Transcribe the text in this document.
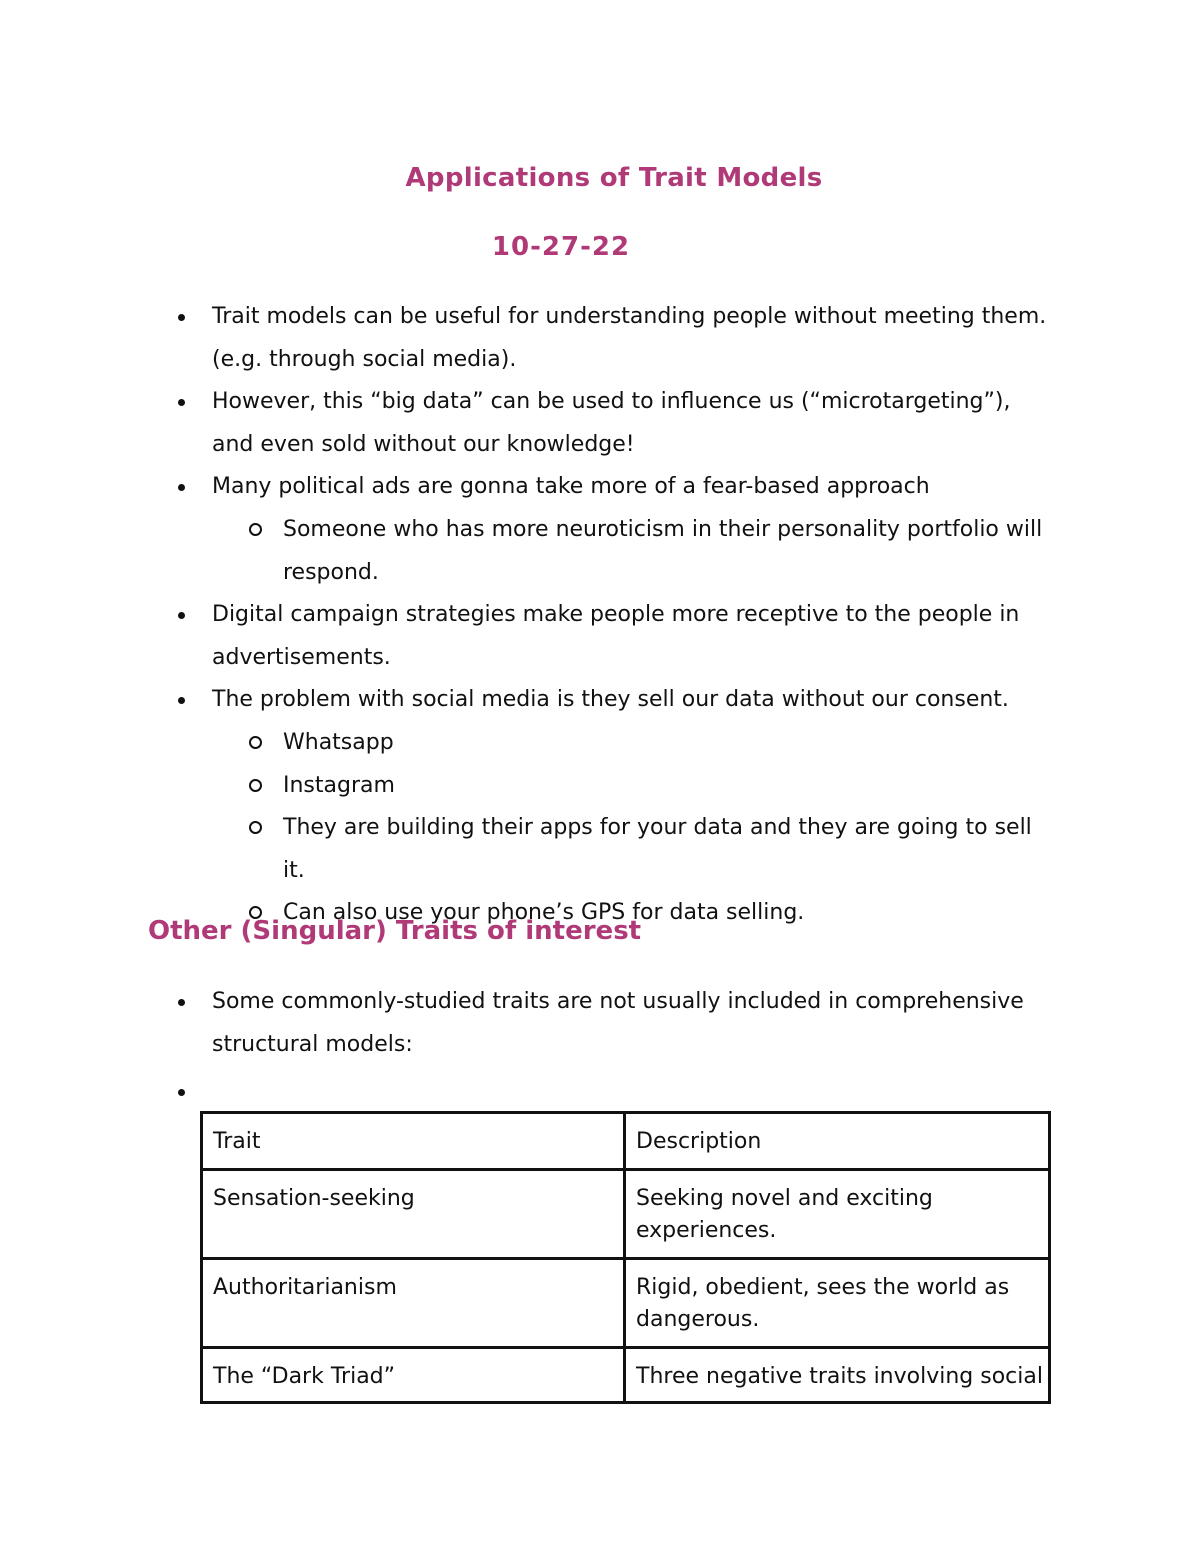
Applications of Trait Models
10-27-22
Trait models can be useful for understanding people without meeting them. (e.g. through social media).
However, this “big data” can be used to influence us (“microtargeting”), and even sold without our knowledge!
Many political ads are gonna take more of a fear-based approach
Someone who has more neuroticism in their personality portfolio will respond.
Digital campaign strategies make people more receptive to the people in advertisements.
The problem with social media is they sell our data without our consent.
Whatsapp
Instagram
They are building their apps for your data and they are going to sell it.
Can also use your phone’s GPS for data selling.
Other (Singular) Traits of interest
Some commonly-studied traits are not usually included in comprehensive structural models:
Trait	Description
Sensation-seeking	Seeking novel and exciting experiences.
Authoritarianism	Rigid, obedient, sees the world as dangerous.
The “Dark Triad”	Three negative traits involving social
